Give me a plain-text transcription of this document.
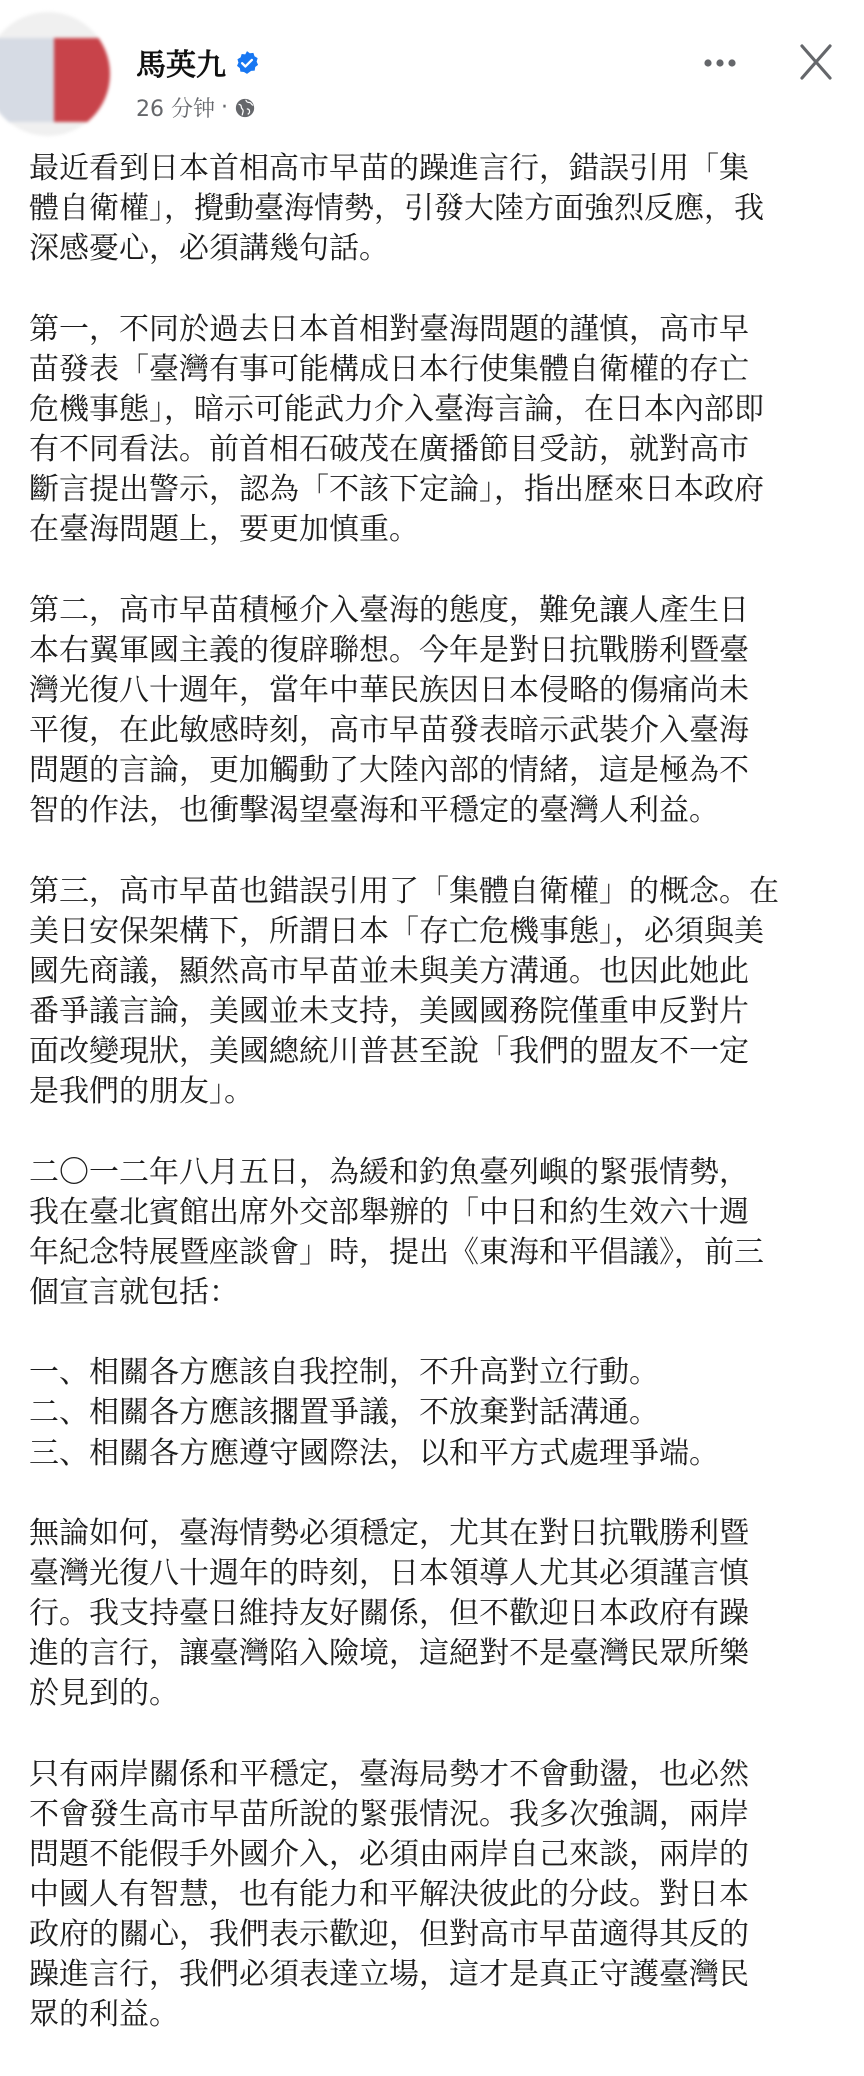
馬英九
26 分钟 ·
最近看到日本首相高市早苗的躁進言行，錯誤引用「集
體自衛權」，攪動臺海情勢，引發大陸方面強烈反應，我
深感憂心，必須講幾句話。
第一，不同於過去日本首相對臺海問題的謹慎，高市早
苗發表「臺灣有事可能構成日本行使集體自衛權的存亡
危機事態」，暗示可能武力介入臺海言論，在日本內部即
有不同看法。前首相石破茂在廣播節目受訪，就對高市
斷言提出警示，認為「不該下定論」，指出歷來日本政府
在臺海問題上，要更加慎重。
第二，高市早苗積極介入臺海的態度，難免讓人產生日
本右翼軍國主義的復辟聯想。今年是對日抗戰勝利暨臺
灣光復八十週年，當年中華民族因日本侵略的傷痛尚未
平復，在此敏感時刻，高市早苗發表暗示武裝介入臺海
問題的言論，更加觸動了大陸內部的情緒，這是極為不
智的作法，也衝擊渴望臺海和平穩定的臺灣人利益。
第三，高市早苗也錯誤引用了「集體自衛權」的概念。在
美日安保架構下，所謂日本「存亡危機事態」，必須與美
國先商議，顯然高市早苗並未與美方溝通。也因此她此
番爭議言論，美國並未支持，美國國務院僅重申反對片
面改變現狀，美國總統川普甚至說「我們的盟友不一定
是我們的朋友」。
二〇一二年八月五日，為緩和釣魚臺列嶼的緊張情勢，
我在臺北賓館出席外交部舉辦的「中日和約生效六十週
年紀念特展暨座談會」時，提出《東海和平倡議》，前三
個宣言就包括：
一、相關各方應該自我控制，不升高對立行動。
二、相關各方應該擱置爭議，不放棄對話溝通。
三、相關各方應遵守國際法，以和平方式處理爭端。
無論如何，臺海情勢必須穩定，尤其在對日抗戰勝利暨
臺灣光復八十週年的時刻，日本領導人尤其必須謹言慎
行。我支持臺日維持友好關係，但不歡迎日本政府有躁
進的言行，讓臺灣陷入險境，這絕對不是臺灣民眾所樂
於見到的。
只有兩岸關係和平穩定，臺海局勢才不會動盪，也必然
不會發生高市早苗所說的緊張情況。我多次強調，兩岸
問題不能假手外國介入，必須由兩岸自己來談，兩岸的
中國人有智慧，也有能力和平解決彼此的分歧。對日本
政府的關心，我們表示歡迎，但對高市早苗適得其反的
躁進言行，我們必須表達立場，這才是真正守護臺灣民
眾的利益。
